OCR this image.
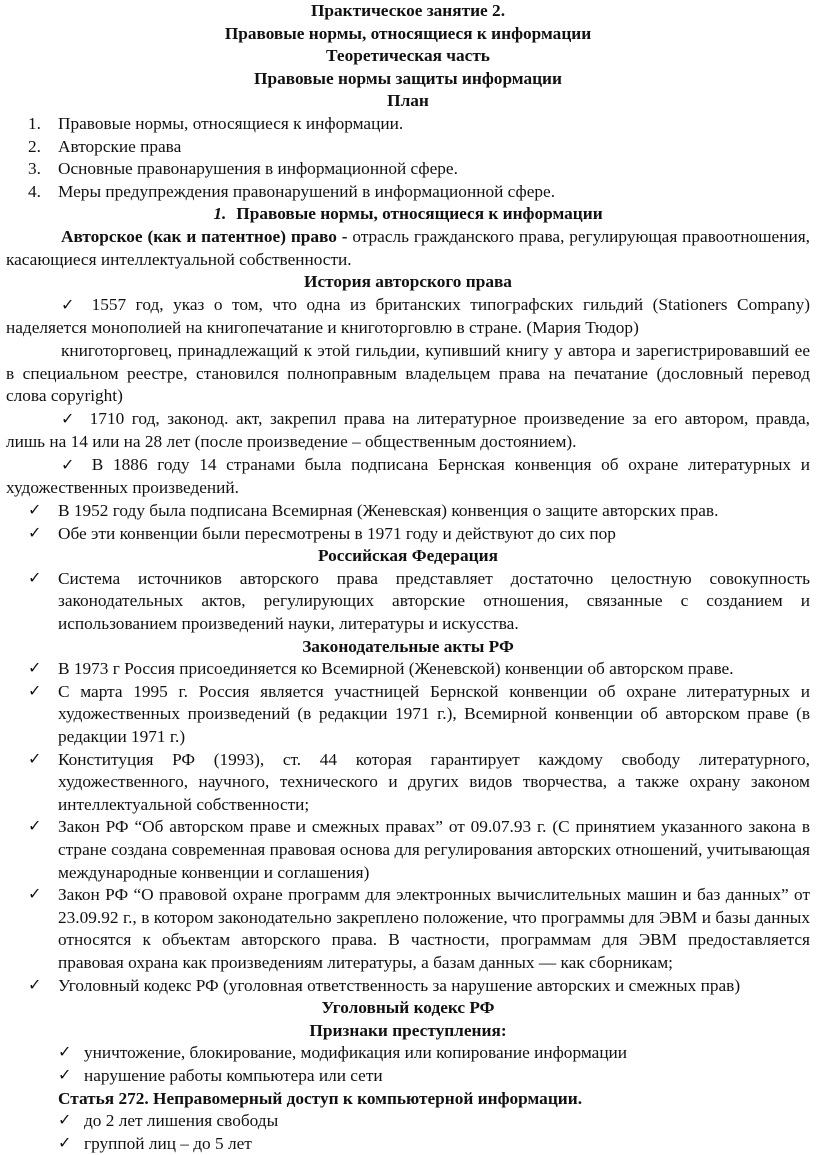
Практическое занятие 2.

Правовые нормы, относящиеся к информации

Теоретическая часть

Правовые нормы защиты информации

План

1. Правовые нормы, относящиеся к информации.
2. Авторские права
3. Основные правонарушения в информационной сфере.
4. Меры предупреждения правонарушений в информационной сфере.

1. Правовые нормы, относящиеся к информации

Авторское (как и патентное) право - отрасль гражданского права, регулирующая правоотношения, касающиеся интеллектуальной собственности.

История авторского права

✓ 1557 год, указ о том, что одна из британских типографских гильдий (Stationers Company) наделяется монополией на книгопечатание и книготорговлю в стране. (Мария Тюдор)

книготорговец, принадлежащий к этой гильдии, купивший книгу у автора и зарегистрировавший ее в специальном реестре, становился полноправным владельцем права на печатание (дословный перевод слова copyright)

✓ 1710 год, законод. акт, закрепил права на литературное произведение за его автором, правда, лишь на 14 или на 28 лет (после произведение – общественным достоянием).

✓ В 1886 году 14 странами была подписана Бернская конвенция об охране литературных и художественных произведений.

✓ В 1952 году была подписана Всемирная (Женевская) конвенция о защите авторских прав.
✓ Обе эти конвенции были пересмотрены в 1971 году и действуют до сих пор

Российская Федерация

✓ Система источников авторского права представляет достаточно целостную совокупность законодательных актов, регулирующих авторские отношения, связанные с созданием и использованием произведений науки, литературы и искусства.

Законодательные акты РФ

✓ В 1973 г Россия присоединяется ко Всемирной (Женевской) конвенции об авторском праве.
✓ С марта 1995 г. Россия является участницей Бернской конвенции об охране литературных и художественных произведений (в редакции 1971 г.), Всемирной конвенции об авторском праве (в редакции 1971 г.)
✓ Конституция РФ (1993), ст. 44 которая гарантирует каждому свободу литературного, художественного, научного, технического и других видов творчества, а также охрану законом интеллектуальной собственности;
✓ Закон РФ “Об авторском праве и смежных правах” от 09.07.93 г. (С принятием указанного закона в стране создана современная правовая основа для регулирования авторских отношений, учитывающая международные конвенции и соглашения)
✓ Закон РФ “О правовой охране программ для электронных вычислительных машин и баз данных” от 23.09.92 г., в котором законодательно закреплено положение, что программы для ЭВМ и базы данных относятся к объектам авторского права. В частности, программам для ЭВМ предоставляется правовая охрана как произведениям литературы, а базам данных — как сборникам;
✓ Уголовный кодекс РФ (уголовная ответственность за нарушение авторских и смежных прав)

Уголовный кодекс РФ

Признаки преступления:

✓ уничтожение, блокирование, модификация или копирование информации
✓ нарушение работы компьютера или сети

Статья 272. Неправомерный доступ к компьютерной информации.

✓ до 2 лет лишения свободы
✓ группой лиц – до 5 лет
